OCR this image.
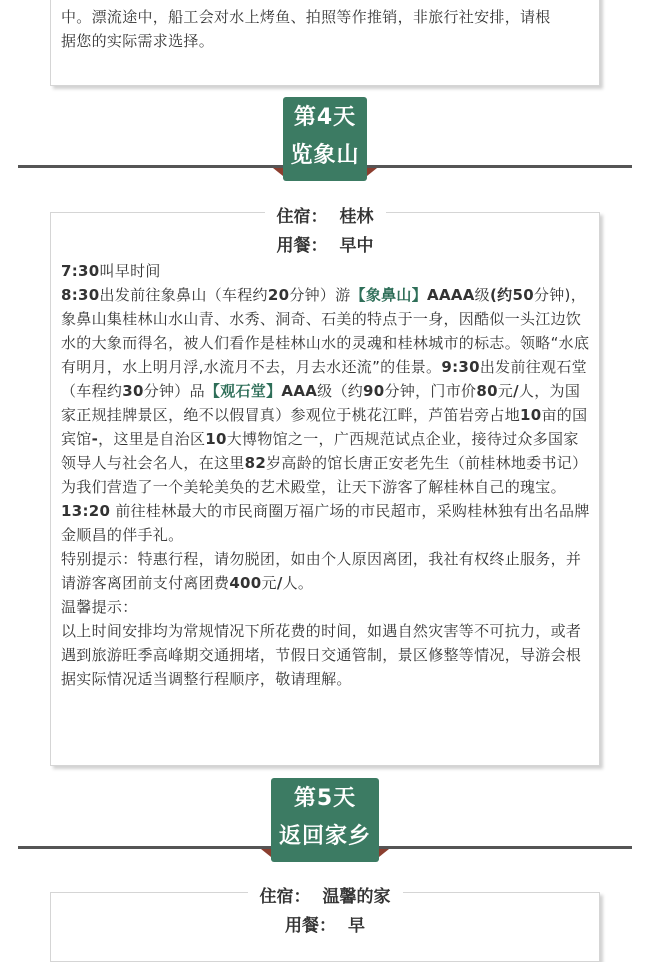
中。漂流途中，船工会对水上烤鱼、拍照等作推销，非旅行社安排，请根

据您的实际需求选择。

第4天
览象山
住宿： 桂林
用餐： 早中

7:30叫早时间

8:30出发前往象鼻山（车程约20分钟）游【象鼻山】AAAA级(约50分钟)，象鼻山集桂林山水山青、水秀、洞奇、石美的特点于一身，因酷似一头江边饮水的大象而得名，被人们看作是桂林山水的灵魂和桂林城市的标志。领略“水底有明月，水上明月浮,水流月不去，月去水还流”的佳景。9:30出发前往观石堂（车程约30分钟）品【观石堂】AAA级（约90分钟，门市价80元/人，为国家正规挂牌景区，绝不以假冒真）参观位于桃花江畔，芦笛岩旁占地10亩的国宾馆-，这里是自治区10大博物馆之一，广西规范试点企业，接待过众多国家领导人与社会名人，在这里82岁高龄的馆长唐正安老先生（前桂林地委书记）为我们营造了一个美轮美奂的艺术殿堂，让天下游客了解桂林自己的瑰宝。

13:20 前往桂林最大的市民商圈万福广场的市民超市，采购桂林独有出名品牌金顺昌的伴手礼。

特别提示：特惠行程，请勿脱团，如由个人原因离团，我社有权终止服务，并请游客离团前支付离团费400元/人。

温馨提示：

以上时间安排均为常规情况下所花费的时间，如遇自然灾害等不可抗力，或者遇到旅游旺季高峰期交通拥堵，节假日交通管制，景区修整等情况，导游会根据实际情况适当调整行程顺序，敬请理解。

第5天
返回家乡
住宿： 温馨的家
用餐： 早
